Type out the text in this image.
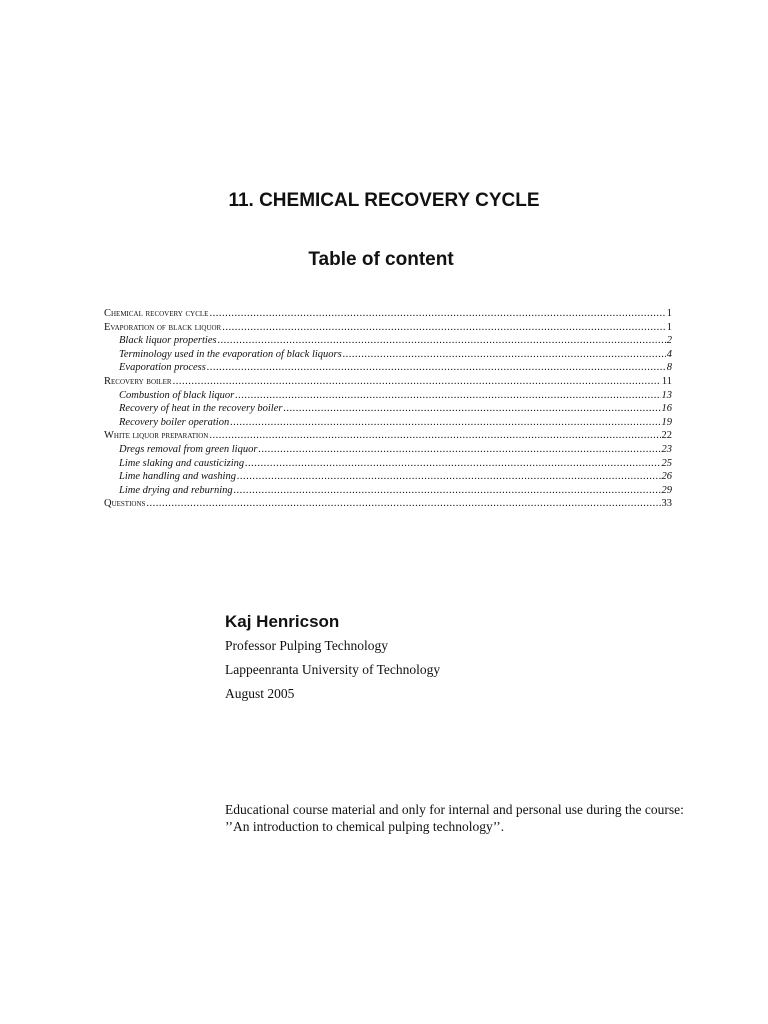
11. CHEMICAL RECOVERY CYCLE
Table of content
Chemical recovery cycle .....	1
Evaporation of black liquor .....	1
Black liquor properties .....	2
Terminology used in the evaporation of black liquors .....	4
Evaporation process .....	8
Recovery boiler .....	11
Combustion of black liquor .....	13
Recovery of heat in the recovery boiler .....	16
Recovery boiler operation .....	19
White liquor preparation .....	22
Dregs removal from green liquor .....	23
Lime slaking and causticizing .....	25
Lime handling and washing .....	26
Lime drying and reburning .....	29
Questions .....	33
Kaj Henricson
Professor Pulping Technology
Lappeenranta University of Technology
August 2005
Educational course material and only for internal and personal use during the course: ’’An introduction to chemical pulping technology’’.
